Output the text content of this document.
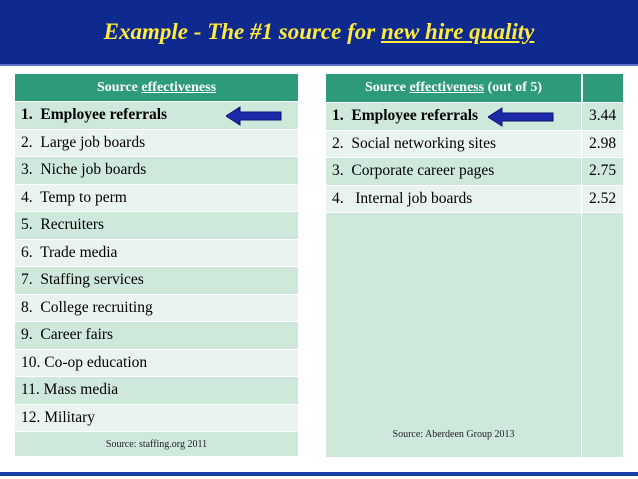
Example - The #1 source for new hire quality
Source
effectiveness
1.  Employee referrals
2.  Large job boards
3.  Niche job boards
4.  Temp to perm
5.  Recruiters
6.  Trade media
7.  Staffing services
8.  College recruiting
9.  Career fairs
10. Co-op education
11. Mass media
12. Military
Source: staffing.org 2011
Source
effectiveness (out of 5)
1.  Employee referrals	3.44
2.  Social networking sites	2.98
3.  Corporate career pages	2.75
4.   Internal job boards	2.52
Source: Aberdeen Group 2013
